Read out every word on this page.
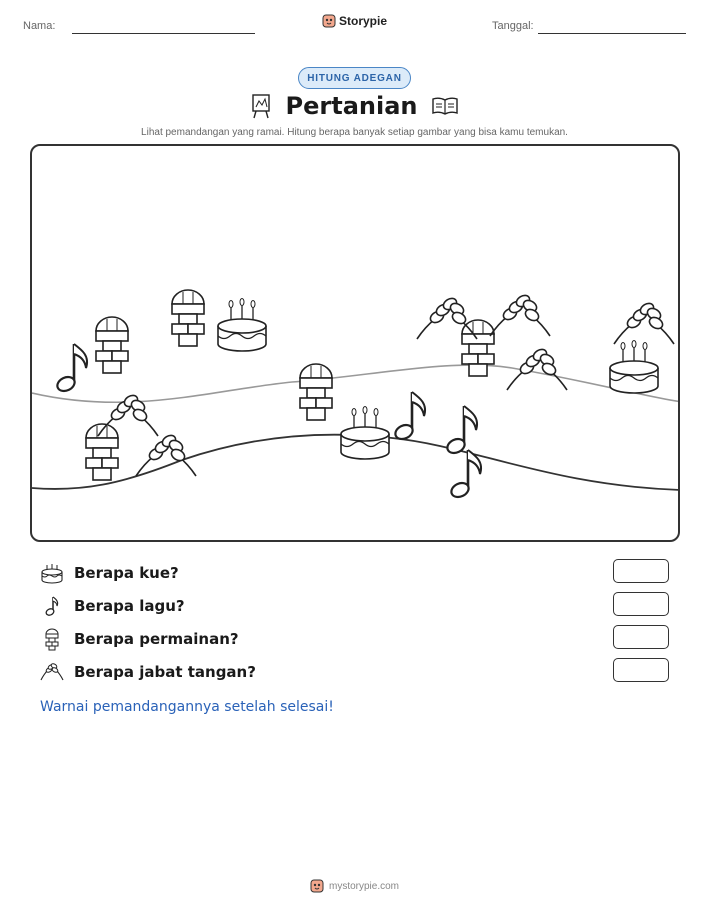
Nama:	Storypie	Tanggal:
HITUNG ADEGAN
Pertanian
Lihat pemandangan yang ramai. Hitung berapa banyak setiap gambar yang bisa kamu temukan.
Berapa kue?
Berapa lagu?
Berapa permainan?
Berapa jabat tangan?
Warnai pemandangannya setelah selesai!
mystorypie.com
